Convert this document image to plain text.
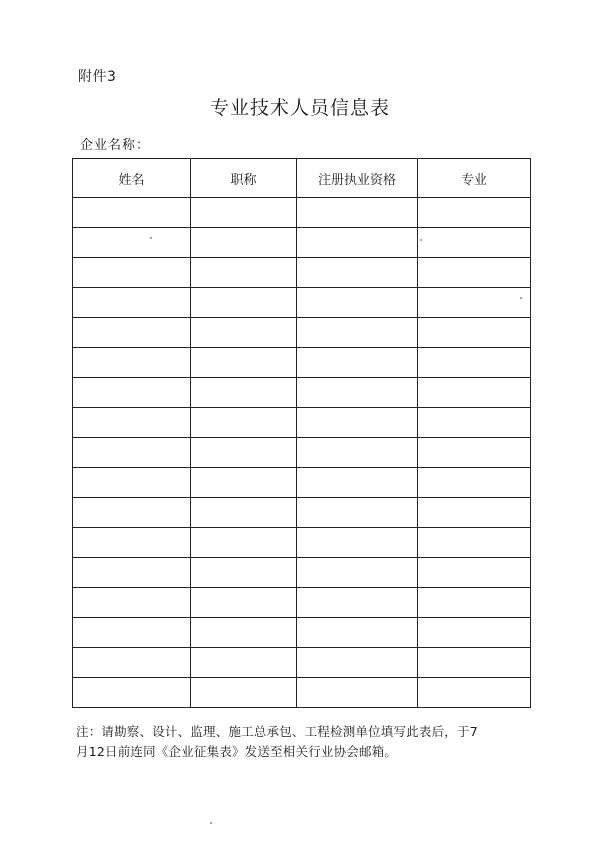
附件3
专业技术人员信息表
企业名称：
姓名	职称	注册执业资格	专业

注：请勘察、设计、监理、施工总承包、工程检测单位填写此表后，于7
月12日前连同《企业征集表》发送至相关行业协会邮箱。
